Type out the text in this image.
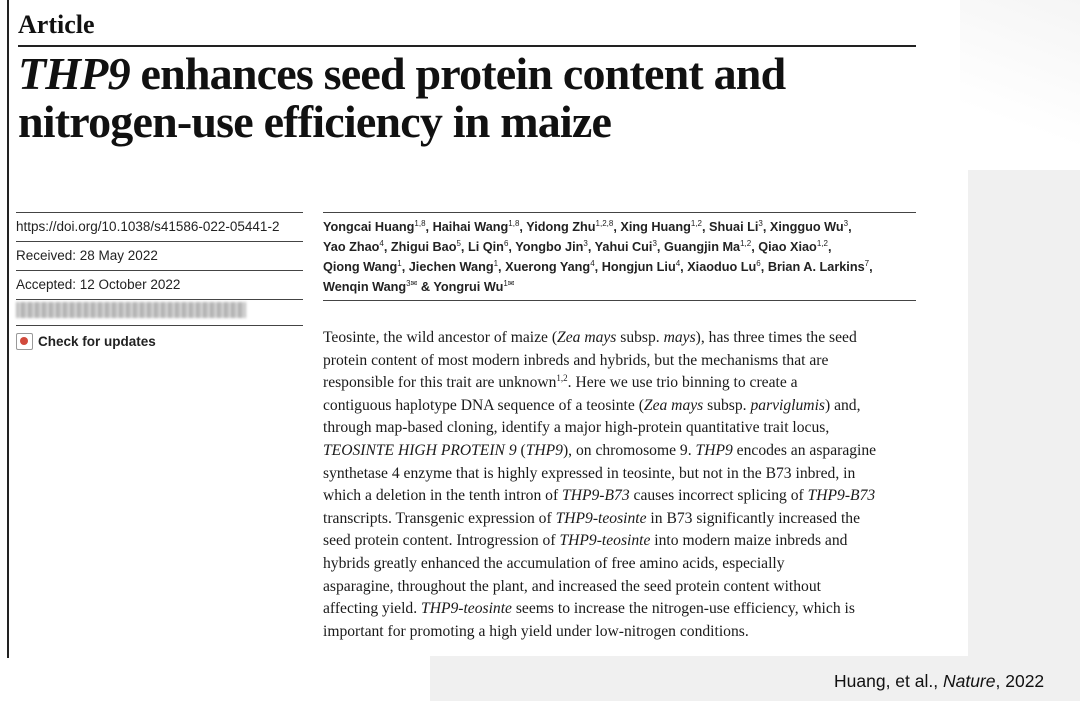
Article
THP9 enhances seed protein content and
nitrogen-use efficiency in maize
https://doi.org/10.1038/s41586-022-05441-2
Received: 28 May 2022
Accepted: 12 October 2022
Check for updates

Yongcai Huang$^{1,8}$, Haihai Wang$^{1,8}$, Yidong Zhu$^{1,2,8}$, Xing Huang$^{1,2}$, Shuai Li$^3$, Xingguo Wu$^3$,
Yao Zhao$^4$, Zhigui Bao$^5$, Li Qin$^6$, Yongbo Jin$^3$, Yahui Cui$^3$, Guangjin Ma$^{1,2}$, Qiao Xiao$^{1,2}$,
Qiong Wang$^1$, Jiechen Wang$^1$, Xuerong Yang$^4$, Hongjun Liu$^4$, Xiaoduo Lu$^6$, Brian A. Larkins$^7$,
Wenqin Wang$^{3✉}$ & Yongrui $Wu^{1✉}$

Teosinte, the wild ancestor of maize (Zea mays subsp. mays), has three times the seed
protein content of most modern inbreds and hybrids, but the mechanisms that are
responsible for this trait are unknown$^{1,2}$. Here we use trio binning to create a
contiguous haplotype DNA sequence of a teosinte (Zea mays subsp. parviglumis) and,
through map-based cloning, identify a major high-protein quantitative trait locus,
TEOSINTE HIGH PROTEIN 9 (THP9), on chromosome 9. THP9 encodes an asparagine
synthetase 4 enzyme that is highly expressed in teosinte, but not in the B73 inbred, in
which a deletion in the tenth intron of THP9-B73 causes incorrect splicing of THP9-B73
transcripts. Transgenic expression of THP9-teosinte in B73 significantly increased the
seed protein content. Introgression of THP9-teosinte into modern maize inbreds and
hybrids greatly enhanced the accumulation of free amino acids, especially
asparagine, throughout the plant, and increased the seed protein content without
affecting yield. THP9-teosinte seems to increase the nitrogen-use efficiency, which is
important for promoting a high yield under low-nitrogen conditions.
Huang, et al., Nature, 2022
